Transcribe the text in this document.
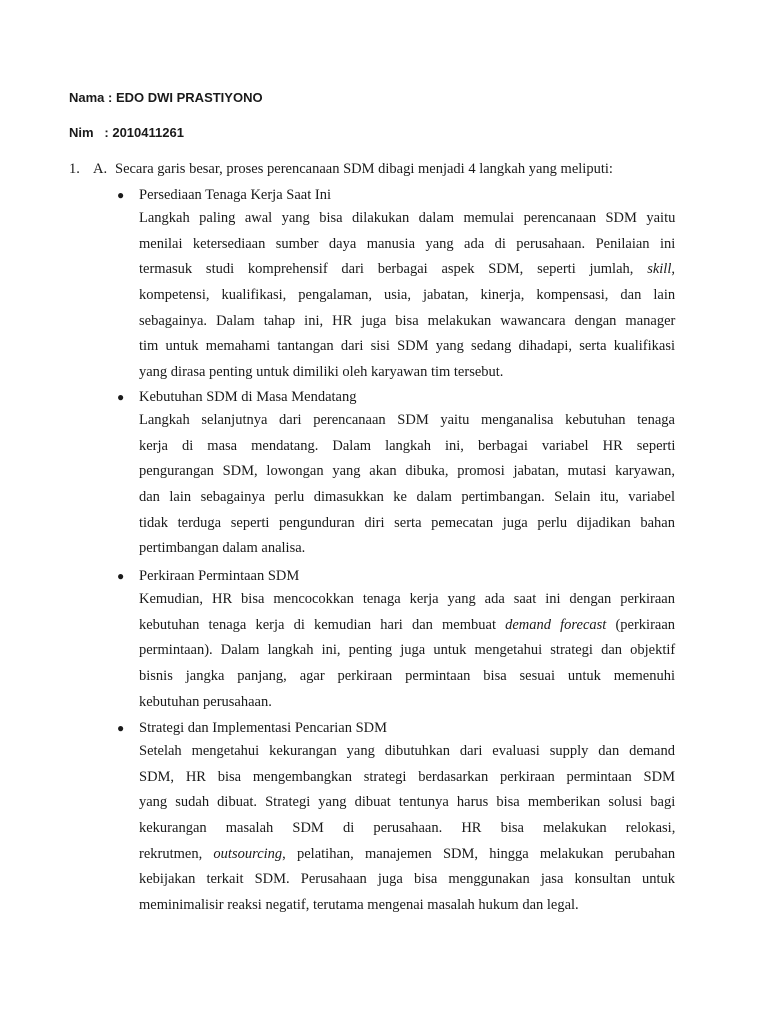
Nama : EDO DWI PRASTIYONO
Nim   : 2010411261
1. A. Secara garis besar, proses perencanaan SDM dibagi menjadi 4 langkah yang meliputi:
● Persediaan Tenaga Kerja Saat Ini
Langkah paling awal yang bisa dilakukan dalam memulai perencanaan SDM yaitu
menilai ketersediaan sumber daya manusia yang ada di perusahaan. Penilaian ini
termasuk studi komprehensif dari berbagai aspek SDM, seperti jumlah, skill,
kompetensi, kualifikasi, pengalaman, usia, jabatan, kinerja, kompensasi, dan lain
sebagainya. Dalam tahap ini, HR juga bisa melakukan wawancara dengan manager
tim untuk memahami tantangan dari sisi SDM yang sedang dihadapi, serta kualifikasi
yang dirasa penting untuk dimiliki oleh karyawan tim tersebut.
● Kebutuhan SDM di Masa Mendatang
Langkah selanjutnya dari perencanaan SDM yaitu menganalisa kebutuhan tenaga
kerja di masa mendatang. Dalam langkah ini, berbagai variabel HR seperti
pengurangan SDM, lowongan yang akan dibuka, promosi jabatan, mutasi karyawan,
dan lain sebagainya perlu dimasukkan ke dalam pertimbangan. Selain itu, variabel
tidak terduga seperti pengunduran diri serta pemecatan juga perlu dijadikan bahan
pertimbangan dalam analisa.
● Perkiraan Permintaan SDM
Kemudian, HR bisa mencocokkan tenaga kerja yang ada saat ini dengan perkiraan
kebutuhan tenaga kerja di kemudian hari dan membuat demand forecast (perkiraan
permintaan). Dalam langkah ini, penting juga untuk mengetahui strategi dan objektif
bisnis jangka panjang, agar perkiraan permintaan bisa sesuai untuk memenuhi
kebutuhan perusahaan.
● Strategi dan Implementasi Pencarian SDM
Setelah mengetahui kekurangan yang dibutuhkan dari evaluasi supply dan demand
SDM, HR bisa mengembangkan strategi berdasarkan perkiraan permintaan SDM
yang sudah dibuat. Strategi yang dibuat tentunya harus bisa memberikan solusi bagi
kekurangan masalah SDM di perusahaan. HR bisa melakukan relokasi,
rekrutmen, outsourcing, pelatihan, manajemen SDM, hingga melakukan perubahan
kebijakan terkait SDM. Perusahaan juga bisa menggunakan jasa konsultan untuk
meminimalisir reaksi negatif, terutama mengenai masalah hukum dan legal.
